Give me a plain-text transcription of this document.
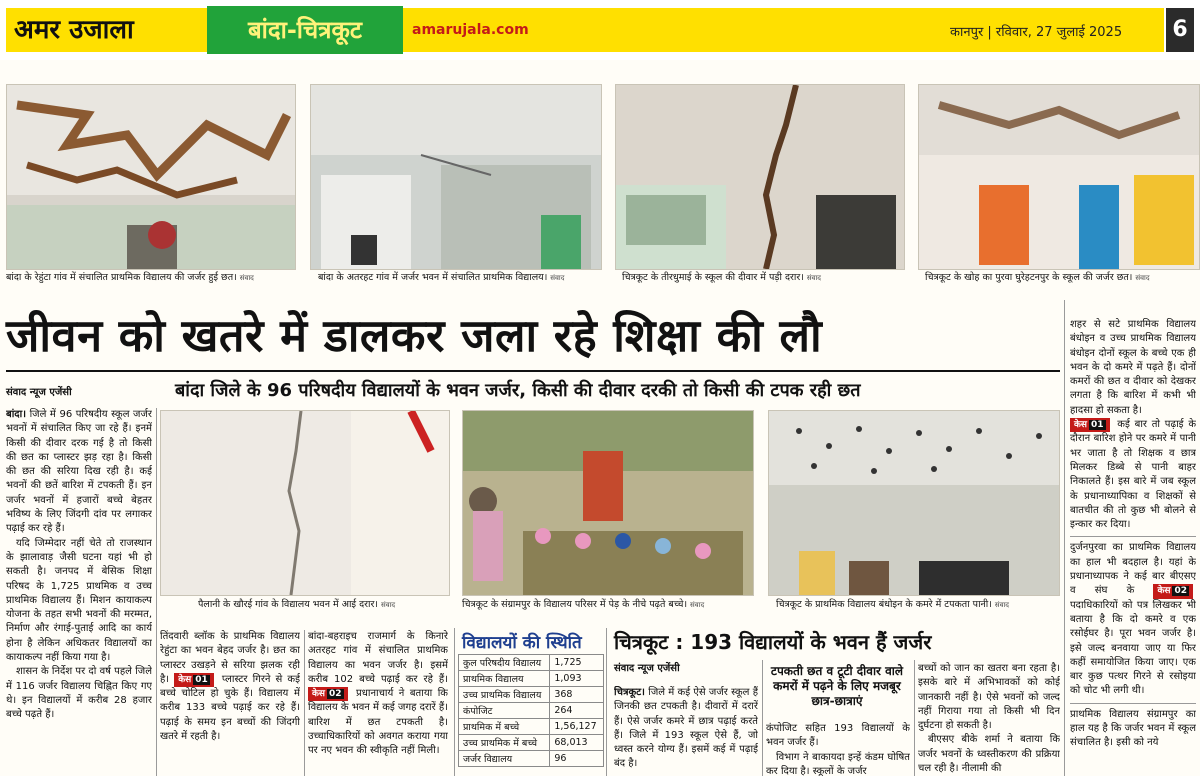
अमर उजाला	बांदा-चित्रकूट	amarujala.com	कानपुर | रविवार, 27 जुलाई 2025 6
बांदा के रेहुंटा गांव में संचालित प्राथमिक विद्यालय की जर्जर हुई छत। संवाद	बांदा के अतरहट गांव में जर्जर भवन में संचालित प्राथमिक विद्यालय। संवाद	चित्रकूट के तीरधुमाई के स्कूल की दीवार में पड़ी दरार। संवाद	चित्रकूट के खोह का पुरवा घुरेहटनपुर के स्कूल की जर्जर छत। संवाद
जीवन को खतरे में डालकर जला रहे शिक्षा की लौ
बांदा जिले के 96 परिषदीय विद्यालयों के भवन जर्जर, किसी की दीवार दरकी तो किसी की टपक रही छत
संवाद न्यूज एजेंसी
बांदा। जिले में 96 परिषदीय स्कूल जर्जर भवनों में संचालित किए जा रहे हैं। इनमें किसी की दीवार दरक गई है तो किसी की छत का प्लास्टर झड़ रहा है। किसी की छत की सरिया दिख रही है। कई भवनों की छतें बारिश में टपकती हैं। इन जर्जर भवनों में हजारों बच्चे बेहतर भविष्य के लिए जिंदगी दांव पर लगाकर पढ़ाई कर रहे हैं।
यदि जिम्मेदार नहीं चेते तो राजस्थान के झालावाड़ जैसी घटना यहां भी हो सकती है। जनपद में बेसिक शिक्षा परिषद के 1,725 प्राथमिक व उच्च प्राथमिक विद्यालय हैं। मिशन कायाकल्प योजना के तहत सभी भवनों की मरम्मत, निर्माण और रंगाई-पुताई आदि का कार्य होना है लेकिन अधिकतर विद्यालयों का कायाकल्प नहीं किया गया है।
शासन के निर्देश पर दो वर्ष पहले जिले में 116 जर्जर विद्यालय चिह्नित किए गए थे। इन विद्यालयों में करीब 28 हजार बच्चे पढ़ते हैं।
पैलानी के खौरई गांव के विद्यालय भवन में आई दरार। संवाद	चित्रकूट के संग्रामपुर के विद्यालय परिसर में पेड़ के नीचे पढ़ते बच्चे। संवाद	चित्रकूट के प्राथमिक विद्यालय बंधोइन के कमरे में टपकता पानी। संवाद
तिंदवारी ब्लॉक के प्राथमिक विद्यालय रेहुंटा का भवन बेहद जर्जर है। छत का प्लास्टर उखड़ने से सरिया झलक रही है। केस 01 प्लास्टर गिरने से कई बच्चे चोटिल हो चुके हैं। विद्यालय में करीब 133 बच्चे पढ़ाई कर रहे हैं। पढ़ाई के समय इन बच्चों की जिंदगी खतरे में रहती है।
बांदा-बहराइच राजमार्ग के किनारे अतरहट गांव में संचालित प्राथमिक विद्यालय का भवन जर्जर है। इसमें करीब 102 बच्चे पढ़ाई कर रहे हैं। केस 02 प्रधानाचार्य ने बताया कि विद्यालय के भवन में कई जगह दरारें हैं। बारिश में छत टपकती है। उच्चाधिकारियों को अवगत कराया गया पर नए भवन की स्वीकृति नहीं मिली।
विद्यालयों की स्थिति
कुल परिषदीय विद्यालय	1,725
प्राथमिक विद्यालय	1,093
उच्च प्राथमिक विद्यालय	368
कंपोजिट	264
प्राथमिक में बच्चे	1,56,127
उच्च प्राथमिक में बच्चे	68,013
जर्जर विद्यालय	96
चित्रकूट : 193 विद्यालयों के भवन हैं जर्जर
संवाद न्यूज एजेंसी
चित्रकूट। जिले में कई ऐसे जर्जर स्कूल हैं जिनकी छत टपकती है। दीवारों में दरारें हैं। ऐसे जर्जर कमरे में छात्र पढ़ाई करते हैं। जिले में 193 स्कूल ऐसे हैं, जो ध्वस्त करने योग्य हैं। इसमें कई में पढ़ाई बंद है।
टपकती छत व टूटी दीवार वाले कमरों में पढ़ने के लिए मजबूर छात्र-छात्राएं
कंपोजिट सहित 193 विद्यालयों के भवन जर्जर हैं।
विभाग ने बाकायदा इन्हें कंडम घोषित कर दिया है। स्कूलों के जर्जर
बच्चों को जान का खतरा बना रहता है। इसके बारे में अभिभावकों को कोई जानकारी नहीं है। ऐसे भवनों को जल्द नहीं गिराया गया तो किसी भी दिन दुर्घटना हो सकती है।
बीएसए बीके शर्मा ने बताया कि जर्जर भवनों के ध्वस्तीकरण की प्रक्रिया चल रही है। नीलामी की
शहर से सटे प्राथमिक विद्यालय बंधोइन व उच्च प्राथमिक विद्यालय बंधोइन दोनों स्कूल के बच्चे एक ही भवन के दो कमरे में पढ़ते हैं। दोनों कमरों की छत व दीवार को देखकर लगता है कि बारिश में कभी भी हादसा हो सकता है।
केस 01 कई बार तो पढ़ाई के दौरान बारिश होने पर कमरे में पानी भर जाता है तो शिक्षक व छात्र मिलकर डिब्बे से पानी बाहर निकालते हैं। इस बारे में जब स्कूल के प्रधानाध्यापिका व शिक्षकों से बातचीत की तो कुछ भी बोलने से इन्कार कर दिया।
दुर्जनपुरवा का प्राथमिक विद्यालय का हाल भी बदहाल है। यहां के प्रधानाध्यापक ने कई बार बीएसए व संघ के	केस 02 पदाधिकारियों को पत्र लिखकर भी बताया है कि दो कमरे व एक रसोईघर है। पूरा भवन जर्जर है। इसे जल्द बनवाया जाए या फिर कहीं समायोजित किया जाए। एक बार कुछ पत्थर गिरने से रसोइया को चोट भी लगी थी।
प्राथमिक विद्यालय संग्रामपुर का हाल यह है कि जर्जर भवन में स्कूल संचालित है। इसी को नये
